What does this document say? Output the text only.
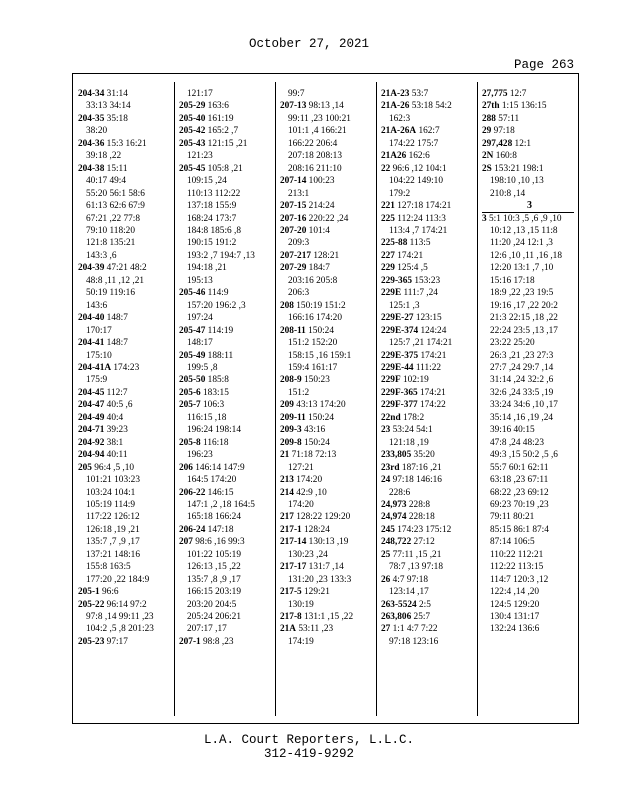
October 27, 2021
Page 263
204-34 31:14
33:13 34:14
204-35 35:18
38:20
204-36 15:3 16:21
39:18 ,22
204-38 15:11
40:17 49:4
55:20 56:1 58:6
61:13 62:6 67:9
67:21 ,22 77:8
79:10 118:20
121:8 135:21
143:3 ,6
204-39 47:21 48:2
48:8 ,11 ,12 ,21
50:19 119:16
143:6
204-40 148:7
170:17
204-41 148:7
175:10
204-41A 174:23
175:9
204-45 112:7
204-47 40:5 ,6
204-49 40:4
204-71 39:23
204-92 38:1
204-94 40:11
205 96:4 ,5 ,10
101:21 103:23
103:24 104:1
105:19 114:9
117:22 126:12
126:18 ,19 ,21
135:7 ,7 ,9 ,17
137:21 148:16
155:8 163:5
177:20 ,22 184:9
205-1 96:6
205-22 96:14 97:2
97:8 ,14 99:11 ,23
104:2 ,5 ,8 201:23
205-23 97:17
121:17
205-29 163:6
205-40 161:19
205-42 165:2 ,7
205-43 121:15 ,21
121:23
205-45 105:8 ,21
109:15 ,24
110:13 112:22
137:18 155:9
168:24 173:7
184:8 185:6 ,8
190:15 191:2
193:2 ,7 194:7 ,13
194:18 ,21
195:13
205-46 114:9
157:20 196:2 ,3
197:24
205-47 114:19
148:17
205-49 188:11
199:5 ,8
205-50 185:8
205-6 183:15
205-7 106:3
116:15 ,18
196:24 198:14
205-8 116:18
196:23
206 146:14 147:9
164:5 174:20
206-22 146:15
147:1 ,2 ,18 164:5
165:18 166:24
206-24 147:18
207 98:6 ,16 99:3
101:22 105:19
126:13 ,15 ,22
135:7 ,8 ,9 ,17
166:15 203:19
203:20 204:5
205:24 206:21
207:17 ,17
207-1 98:8 ,23
99:7
207-13 98:13 ,14
99:11 ,23 100:21
101:1 ,4 166:21
166:22 206:4
207:18 208:13
208:16 211:10
207-14 100:23
213:1
207-15 214:24
207-16 220:22 ,24
207-20 101:4
209:3
207-217 128:21
207-29 184:7
203:16 205:8
206:3
208 150:19 151:2
166:16 174:20
208-11 150:24
151:2 152:20
158:15 ,16 159:1
159:4 161:17
208-9 150:23
151:2
209 43:13 174:20
209-11 150:24
209-3 43:16
209-8 150:24
21 71:18 72:13
127:21
213 174:20
214 42:9 ,10
174:20
217 128:22 129:20
217-1 128:24
217-14 130:13 ,19
130:23 ,24
217-17 131:7 ,14
131:20 ,23 133:3
217-5 129:21
130:19
217-8 131:1 ,15 ,22
21A 53:11 ,23
174:19
21A-23 53:7
21A-26 53:18 54:2
162:3
21A-26A 162:7
174:22 175:7
21A26 162:6
22 96:6 ,12 104:1
104:22 149:10
179:2
221 127:18 174:21
225 112:24 113:3
113:4 ,7 174:21
225-88 113:5
227 174:21
229 125:4 ,5
229-365 153:23
229E 111:7 ,24
125:1 ,3
229E-27 123:15
229E-374 124:24
125:7 ,21 174:21
229E-375 174:21
229E-44 111:22
229F 102:19
229F-365 174:21
229F-377 174:22
22nd 178:2
23 53:24 54:1
121:18 ,19
233,805 35:20
23rd 187:16 ,21
24 97:18 146:16
228:6
24,973 228:8
24,974 228:18
245 174:23 175:12
248,722 27:12
25 77:11 ,15 ,21
78:7 ,13 97:18
26 4:7 97:18
123:14 ,17
263-5524 2:5
263,806 25:7
27 1:1 4:7 7:22
97:18 123:16
27,775 12:7
27th 1:15 136:15
288 57:11
29 97:18
297,428 12:1
2N 160:8
2S 153:21 198:1
198:10 ,10 ,13
210:8 ,14
3
3 5:1 10:3 ,5 ,6 ,9 ,10
10:12 ,13 ,15 11:8
11:20 ,24 12:1 ,3
12:6 ,10 ,11 ,16 ,18
12:20 13:1 ,7 ,10
15:16 17:18
18:9 ,22 ,23 19:5
19:16 ,17 ,22 20:2
21:3 22:15 ,18 ,22
22:24 23:5 ,13 ,17
23:22 25:20
26:3 ,21 ,23 27:3
27:7 ,24 29:7 ,14
31:14 ,24 32:2 ,6
32:6 ,24 33:5 ,19
33:24 34:6 ,10 ,17
35:14 ,16 ,19 ,24
39:16 40:15
47:8 ,24 48:23
49:3 ,15 50:2 ,5 ,6
55:7 60:1 62:11
63:18 ,23 67:11
68:22 ,23 69:12
69:23 70:19 ,23
79:11 80:21
85:15 86:1 87:4
87:14 106:5
110:22 112:21
112:22 113:15
114:7 120:3 ,12
122:4 ,14 ,20
124:5 129:20
130:4 131:17
132:24 136:6
L.A. Court Reporters, L.L.C.
312-419-9292
